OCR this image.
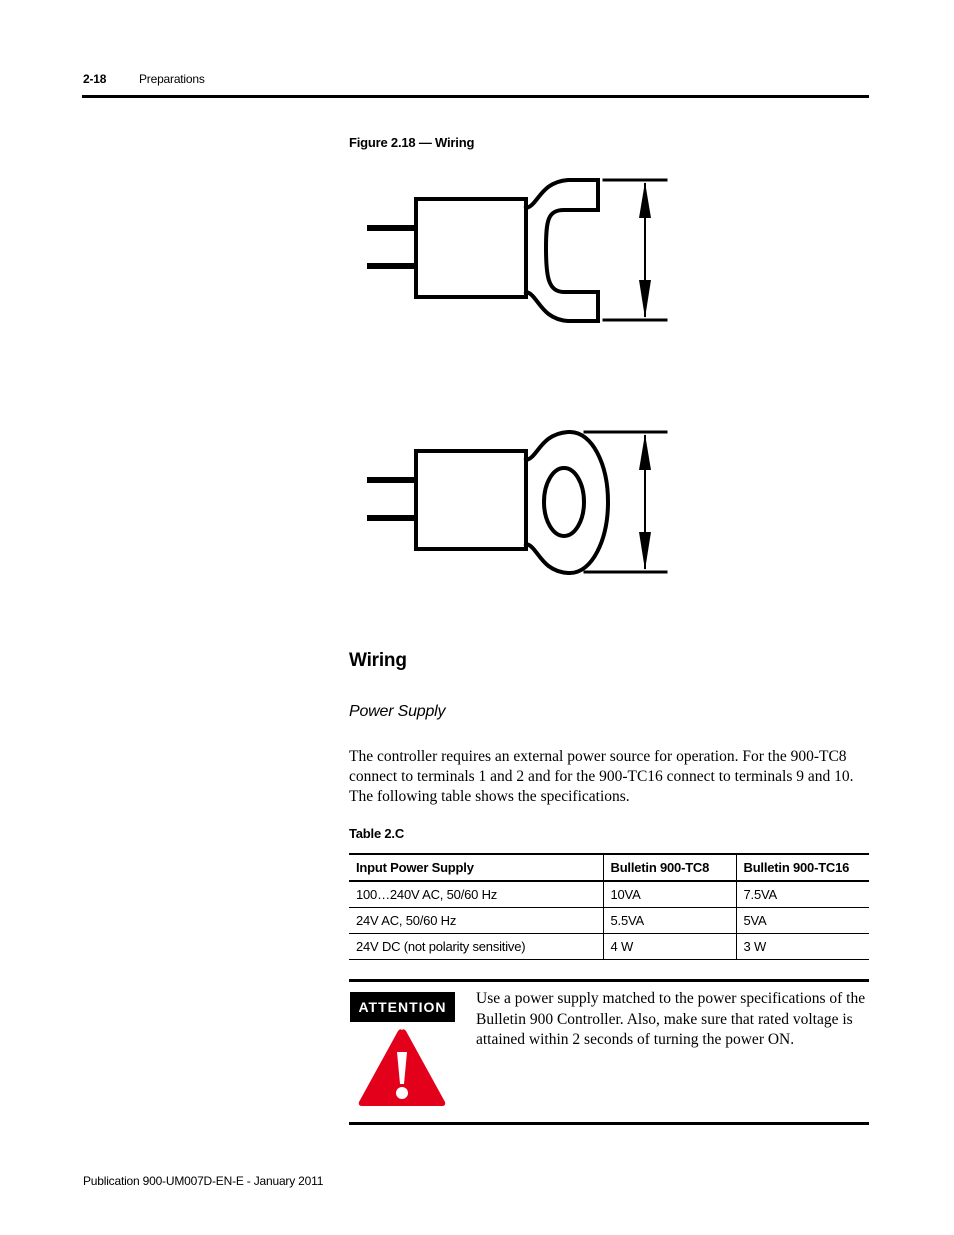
2-18	Preparations
Figure 2.18 — Wiring
Wiring
Power Supply
The controller requires an external power source for operation. For the 900-TC8 connect to terminals 1 and 2 and for the 900-TC16 connect to terminals 9 and 10. The following table shows the specifications.
Table 2.C
Input Power Supply	Bulletin 900-TC8	Bulletin 900-TC16
100…240V AC, 50/60 Hz	10VA	7.5VA
24V AC, 50/60 Hz	5.5VA	5VA
24V DC (not polarity sensitive)	4 W	3 W
ATTENTION	Use a power supply matched to the power specifications of the Bulletin 900 Controller. Also, make sure that rated voltage is attained within 2 seconds of turning the power ON.
Publication 900-UM007D-EN-E - January 2011
